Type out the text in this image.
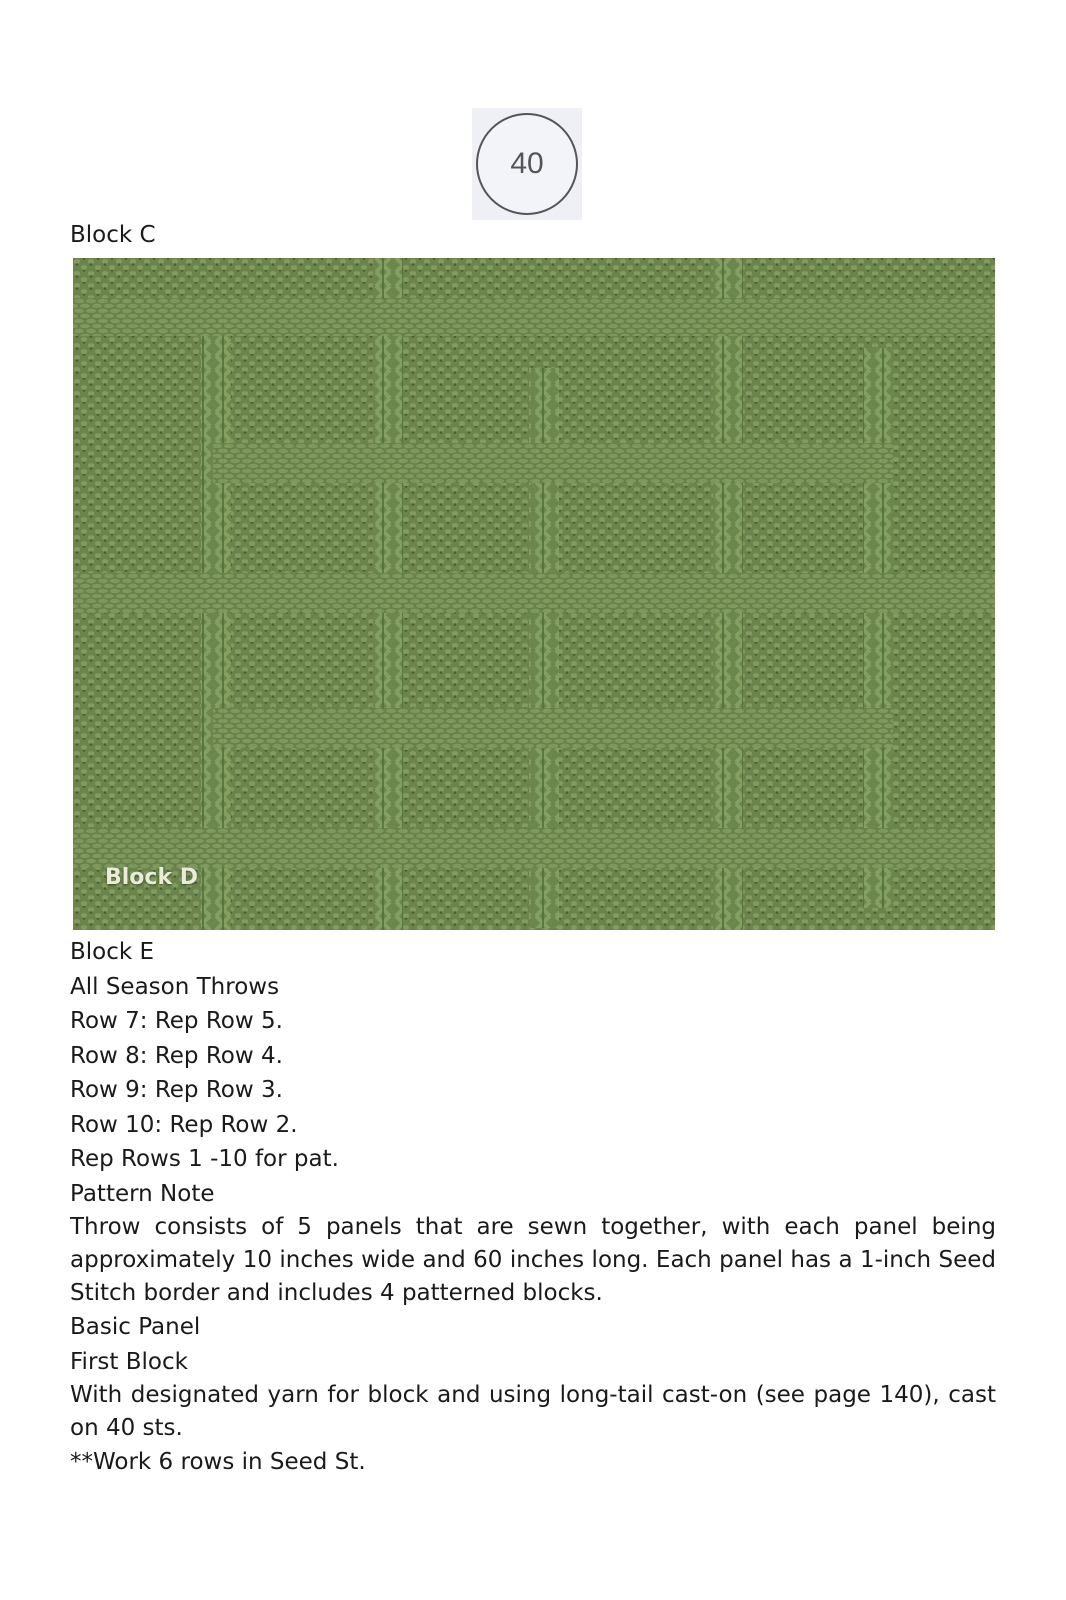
40
Block C
Block D

Block E

All Season Throws

Row 7: Rep Row 5.

Row 8: Rep Row 4.

Row 9: Rep Row 3.

Row 10: Rep Row 2.

Rep Rows 1 -10 for pat.

Pattern Note

Throw consists of 5 panels that are sewn together, with each panel being approximately 10 inches wide and 60 inches long. Each panel has a 1-inch Seed Stitch border and includes 4 patterned blocks.

Basic Panel

First Block

With designated yarn for block and using long-tail cast-on (see page 140), cast on 40 sts.

**Work 6 rows in Seed St.
